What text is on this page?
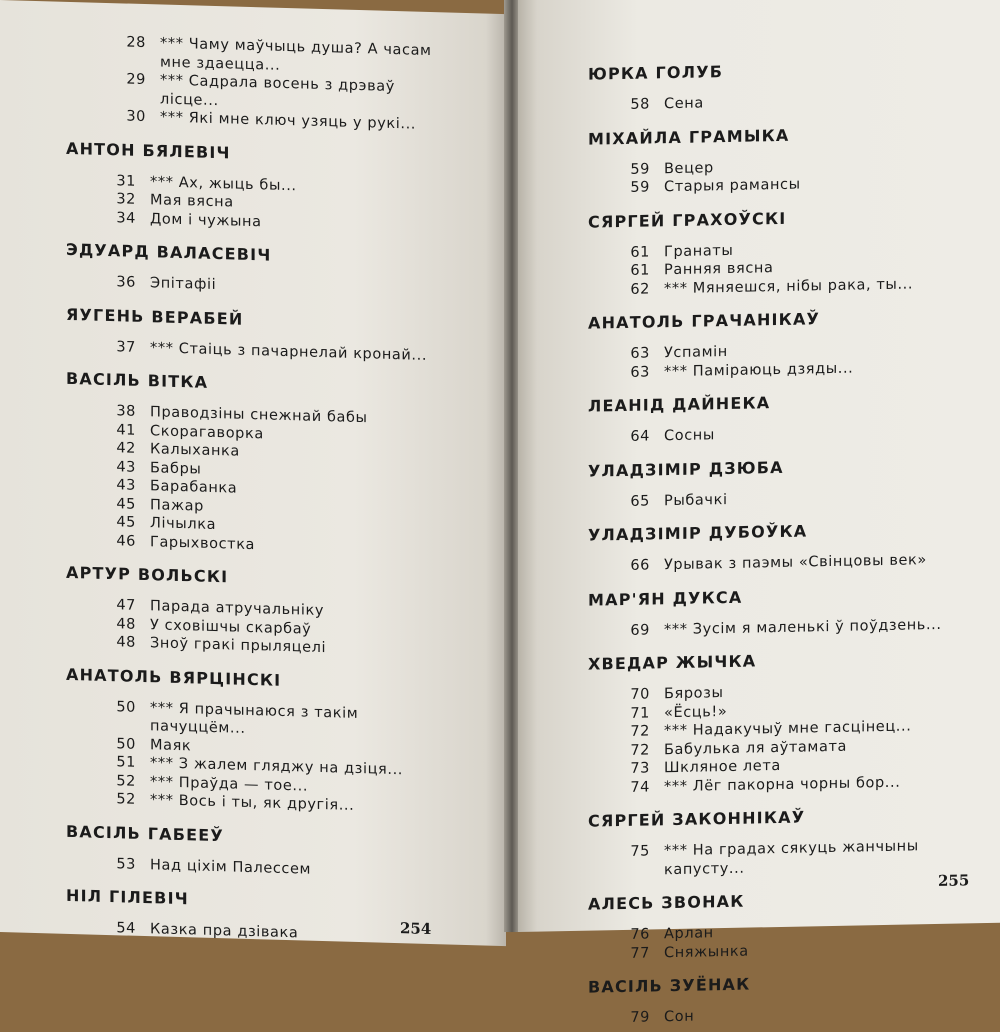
28 *** Чаму маўчыць душа? А часам мне здаецца...
29 *** Садрала восень з дрэваў лісце...
30 *** Які мне ключ узяць у рукі...
АНТОН БЯЛЕВІЧ
31 *** Ах, жыць бы...
32 Мая вясна
34 Дом і чужына
ЭДУАРД ВАЛАСЕВІЧ
36 Эпітафіі
ЯУГЕНЬ ВЕРАБЕЙ
37 *** Стаіць з пачарнелай кронай...
ВАСІЛЬ ВІТКА
38 Праводзіны снежнай бабы
41 Скорагаворка
42 Калыханка
43 Бабры
43 Барабанка
45 Пажар
45 Лічылка
46 Гарыхвостка
АРТУР ВОЛЬСКІ
47 Парада атручальніку
48 У сховішчы скарбаў
48 Зноў гракі прыляцелі
АНАТОЛЬ ВЯРЦІНСКІ
50 *** Я прачынаюся з такім пачуццём...
50 Маяк
51 *** З жалем гляджу на дзіця...
52 *** Праўда — тое...
52 *** Вось і ты, як другія...
ВАСІЛЬ ГАБЕЕЎ
53 Над ціхім Палессем
НІЛ ГІЛЕВІЧ
54 Казка пра дзівака	254
ЮРКА ГОЛУБ
58 Сена
МІХАЙЛА ГРАМЫКА
59 Вецер
59 Старыя рамансы
СЯРГЕЙ ГРАХОЎСКІ
61 Гранаты
61 Ранняя вясна
62 *** Мяняешся, нібы рака, ты...
АНАТОЛЬ ГРАЧАНІКАЎ
63 Успамін
63 *** Паміраюць дзяды...
ЛЕАНІД ДАЙНЕКА
64 Сосны
УЛАДЗІМІР ДЗЮБА
65 Рыбачкі
УЛАДЗІМІР ДУБОЎКА
66 Урывак з паэмы «Свінцовы век»
МАР'ЯН ДУКСА
69 *** Зусім я маленькі ў поўдзень...
ХВЕДАР ЖЫЧКА
70 Бярозы
71 «Ёсць!»
72 *** Надакучыў мне гасцінец...
72 Бабулька ля аўтамата
73 Шкляное лета
74 *** Лёг пакорна чорны бор...
СЯРГЕЙ ЗАКОННІКАЎ
75 *** На градах сякуць жанчыны капусту...
АЛЕСЬ ЗВОНАК
76 Арлан
77 Сняжынка
ВАСІЛЬ ЗУЁНАК
79 Сон
255
